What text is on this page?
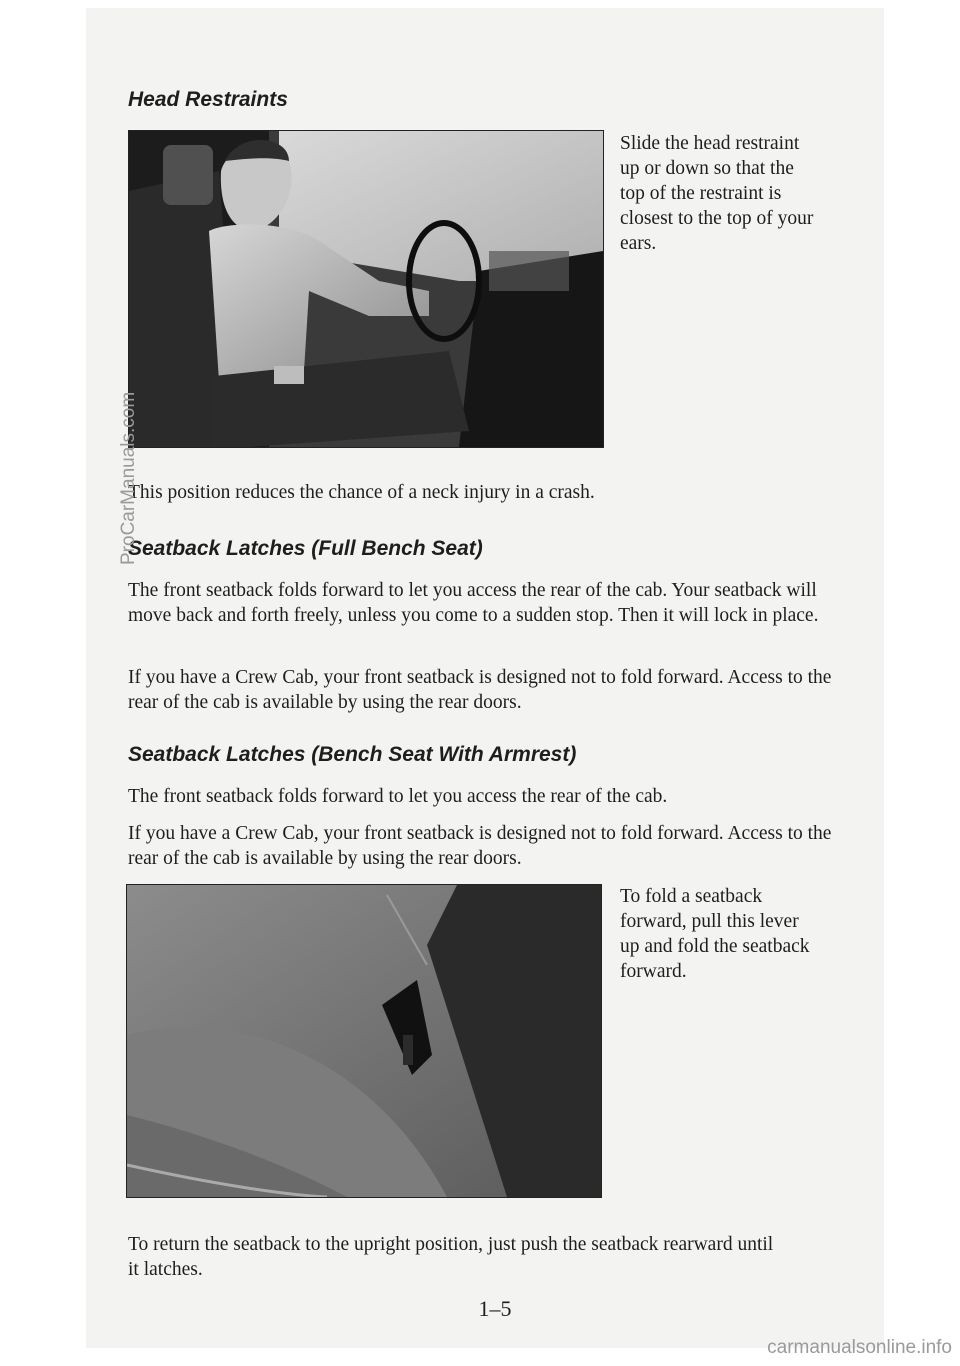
Head Restraints

Slide the head restraint up or down so that the top of the restraint is closest to the top of your ears.

This position reduces the chance of a neck injury in a crash.

Seatback Latches (Full Bench Seat)

The front seatback folds forward to let you access the rear of the cab. Your seatback will move back and forth freely, unless you come to a sudden stop. Then it will lock in place.

If you have a Crew Cab, your front seatback is designed not to fold forward. Access to the rear of the cab is available by using the rear doors.

Seatback Latches (Bench Seat With Armrest)

The front seatback folds forward to let you access the rear of the cab.

If you have a Crew Cab, your front seatback is designed not to fold forward. Access to the rear of the cab is available by using the rear doors.

To fold a seatback forward, pull this lever up and fold the seatback forward.

To return the seatback to the upright position, just push the seatback rearward until it latches.

1–5
ProCarManuals.com
carmanualsonline.info
